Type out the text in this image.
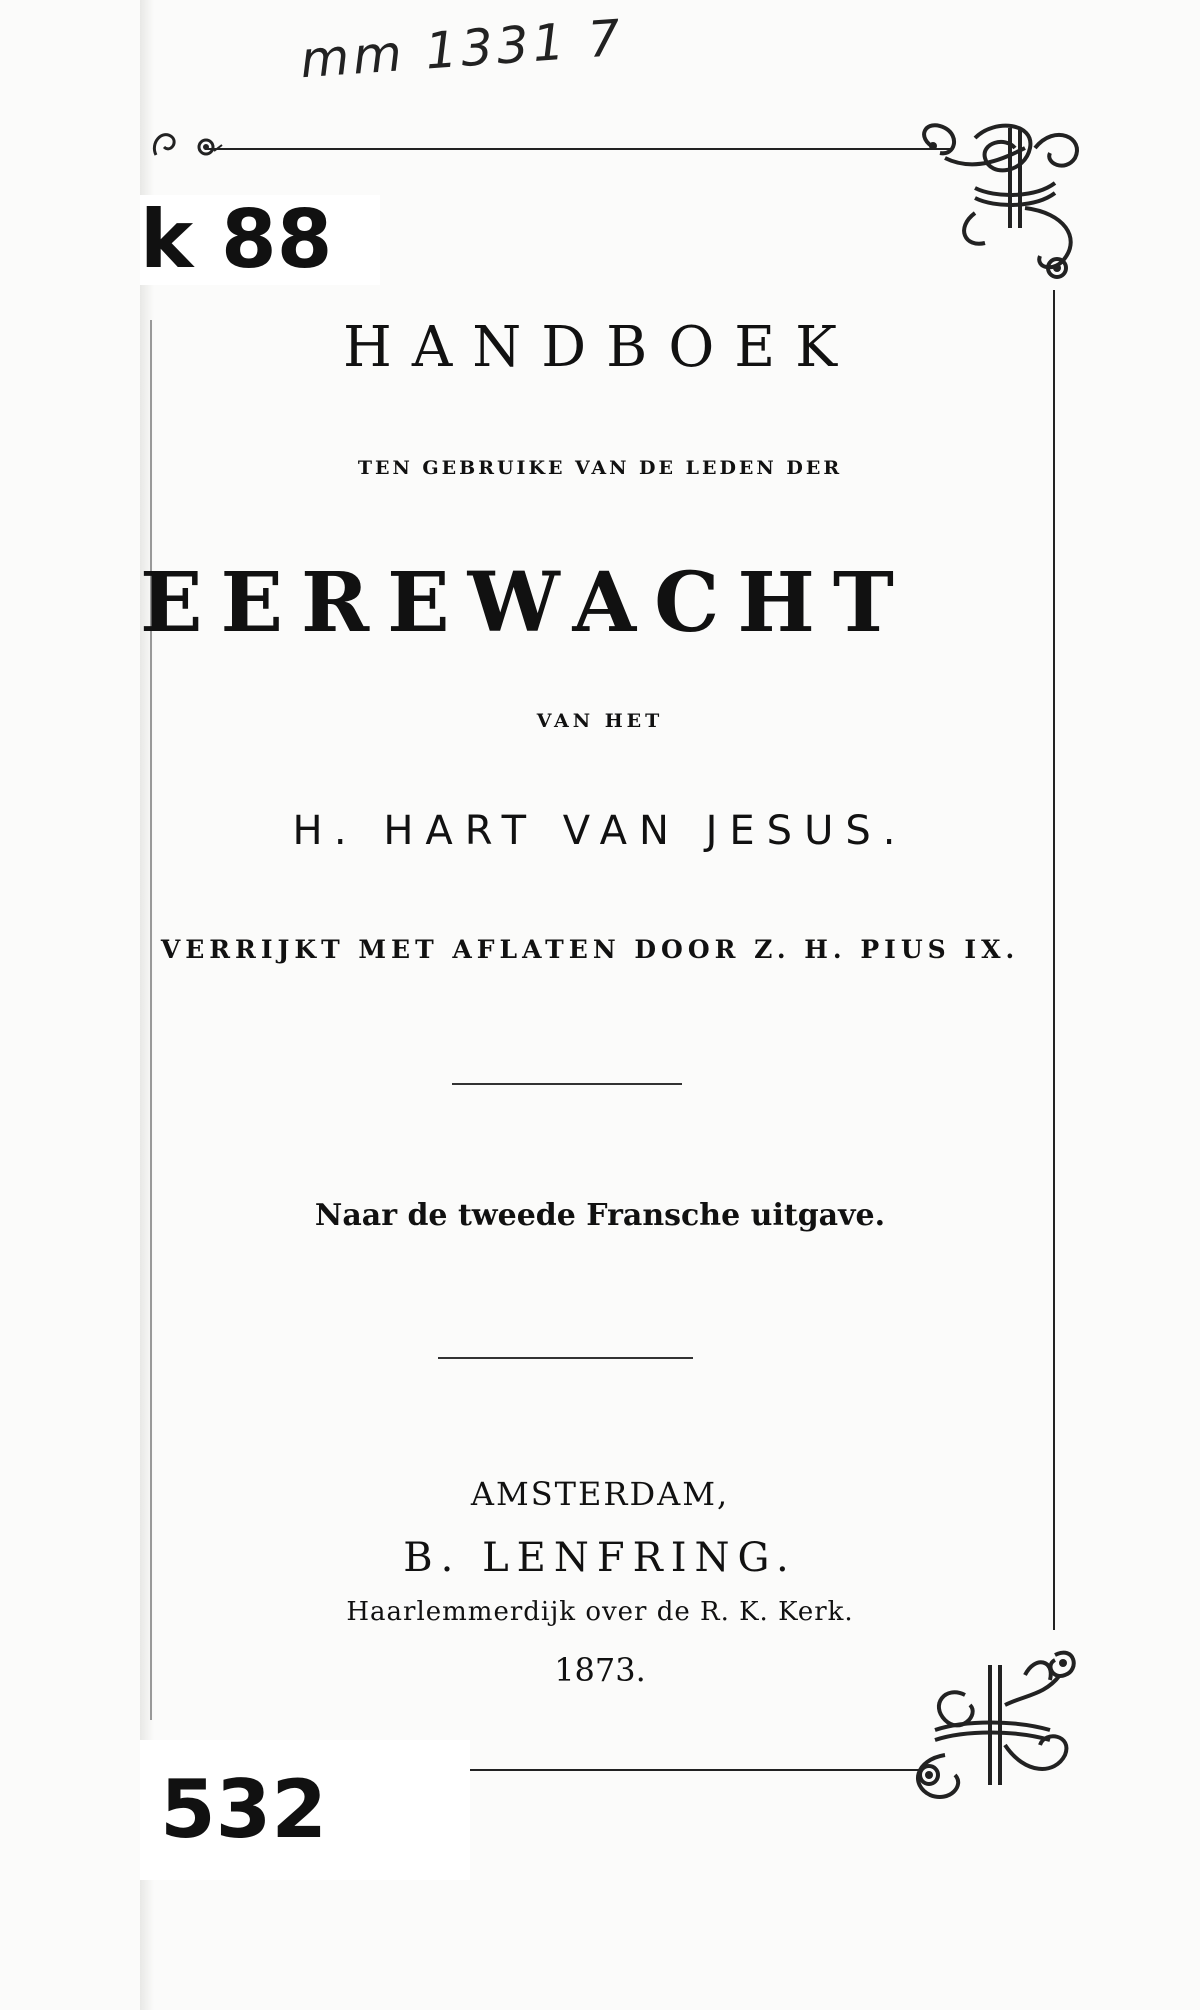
mm 1331 7
k 88
532
HANDBOEK
TEN GEBRUIKE VAN DE LEDEN DER
EEREWACHT
VAN HET
H. HART VAN JESUS.
VERRIJKT MET AFLATEN DOOR Z. H. PIUS IX.
Naar de tweede Fransche uitgave.
AMSTERDAM,
B. LENFRING.
Haarlemmerdijk over de R. K. Kerk.
1873.
